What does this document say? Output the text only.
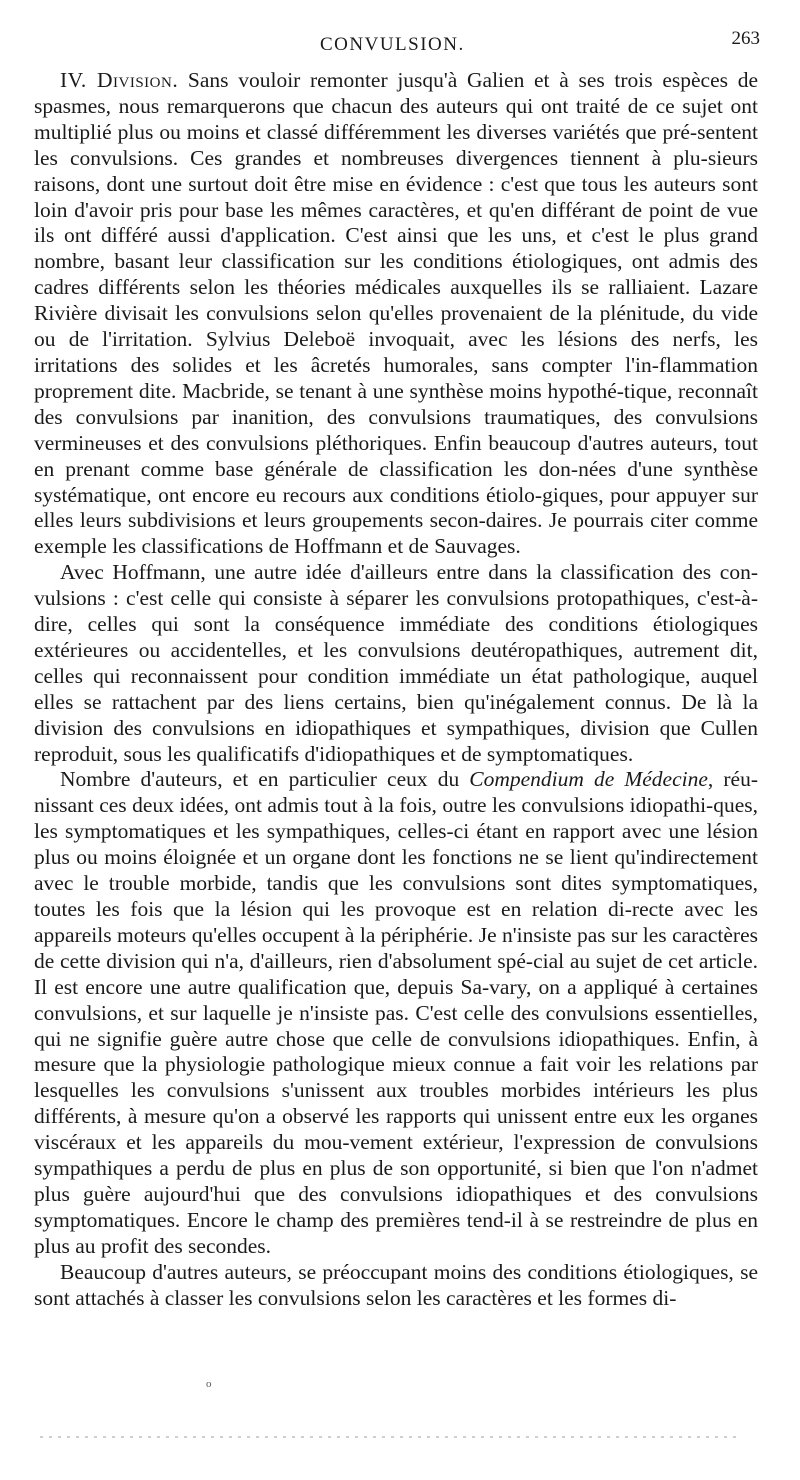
CONVULSION.	263

IV. Division. Sans vouloir remonter jusqu'à Galien et à ses trois espèces de spasmes, nous remarquerons que chacun des auteurs qui ont traité de ce sujet ont multiplié plus ou moins et classé différemment les diverses variétés que pré-sentent les convulsions. Ces grandes et nombreuses divergences tiennent à plu-sieurs raisons, dont une surtout doit être mise en évidence : c'est que tous les auteurs sont loin d'avoir pris pour base les mêmes caractères, et qu'en différant de point de vue ils ont différé aussi d'application. C'est ainsi que les uns, et c'est le plus grand nombre, basant leur classification sur les conditions étiologiques, ont admis des cadres différents selon les théories médicales auxquelles ils se ralliaient. Lazare Rivière divisait les convulsions selon qu'elles provenaient de la plénitude, du vide ou de l'irritation. Sylvius Deleboë invoquait, avec les lésions des nerfs, les irritations des solides et les âcretés humorales, sans compter l'in-flammation proprement dite. Macbride, se tenant à une synthèse moins hypothé-tique, reconnaît des convulsions par inanition, des convulsions traumatiques, des convulsions vermineuses et des convulsions pléthoriques. Enfin beaucoup d'autres auteurs, tout en prenant comme base générale de classification les don-nées d'une synthèse systématique, ont encore eu recours aux conditions étiolo-giques, pour appuyer sur elles leurs subdivisions et leurs groupements secon-daires. Je pourrais citer comme exemple les classifications de Hoffmann et de Sauvages.

Avec Hoffmann, une autre idée d'ailleurs entre dans la classification des con-vulsions : c'est celle qui consiste à séparer les convulsions protopathiques, c'est-à-dire, celles qui sont la conséquence immédiate des conditions étiologiques extérieures ou accidentelles, et les convulsions deutéropathiques, autrement dit, celles qui reconnaissent pour condition immédiate un état pathologique, auquel elles se rattachent par des liens certains, bien qu'inégalement connus. De là la division des convulsions en idiopathiques et sympathiques, division que Cullen reproduit, sous les qualificatifs d'idiopathiques et de symptomatiques.

Nombre d'auteurs, et en particulier ceux du Compendium de Médecine, réu-nissant ces deux idées, ont admis tout à la fois, outre les convulsions idiopathi-ques, les symptomatiques et les sympathiques, celles-ci étant en rapport avec une lésion plus ou moins éloignée et un organe dont les fonctions ne se lient qu'indirectement avec le trouble morbide, tandis que les convulsions sont dites symptomatiques, toutes les fois que la lésion qui les provoque est en relation di-recte avec les appareils moteurs qu'elles occupent à la périphérie. Je n'insiste pas sur les caractères de cette division qui n'a, d'ailleurs, rien d'absolument spé-cial au sujet de cet article. Il est encore une autre qualification que, depuis Sa-vary, on a appliqué à certaines convulsions, et sur laquelle je n'insiste pas. C'est celle des convulsions essentielles, qui ne signifie guère autre chose que celle de convulsions idiopathiques. Enfin, à mesure que la physiologie pathologique mieux connue a fait voir les relations par lesquelles les convulsions s'unissent aux troubles morbides intérieurs les plus différents, à mesure qu'on a observé les rapports qui unissent entre eux les organes viscéraux et les appareils du mou-vement extérieur, l'expression de convulsions sympathiques a perdu de plus en plus de son opportunité, si bien que l'on n'admet plus guère aujourd'hui que des convulsions idiopathiques et des convulsions symptomatiques. Encore le champ des premières tend-il à se restreindre de plus en plus au profit des secondes.

Beaucoup d'autres auteurs, se préoccupant moins des conditions étiologiques, se sont attachés à classer les convulsions selon les caractères et les formes di-

o
